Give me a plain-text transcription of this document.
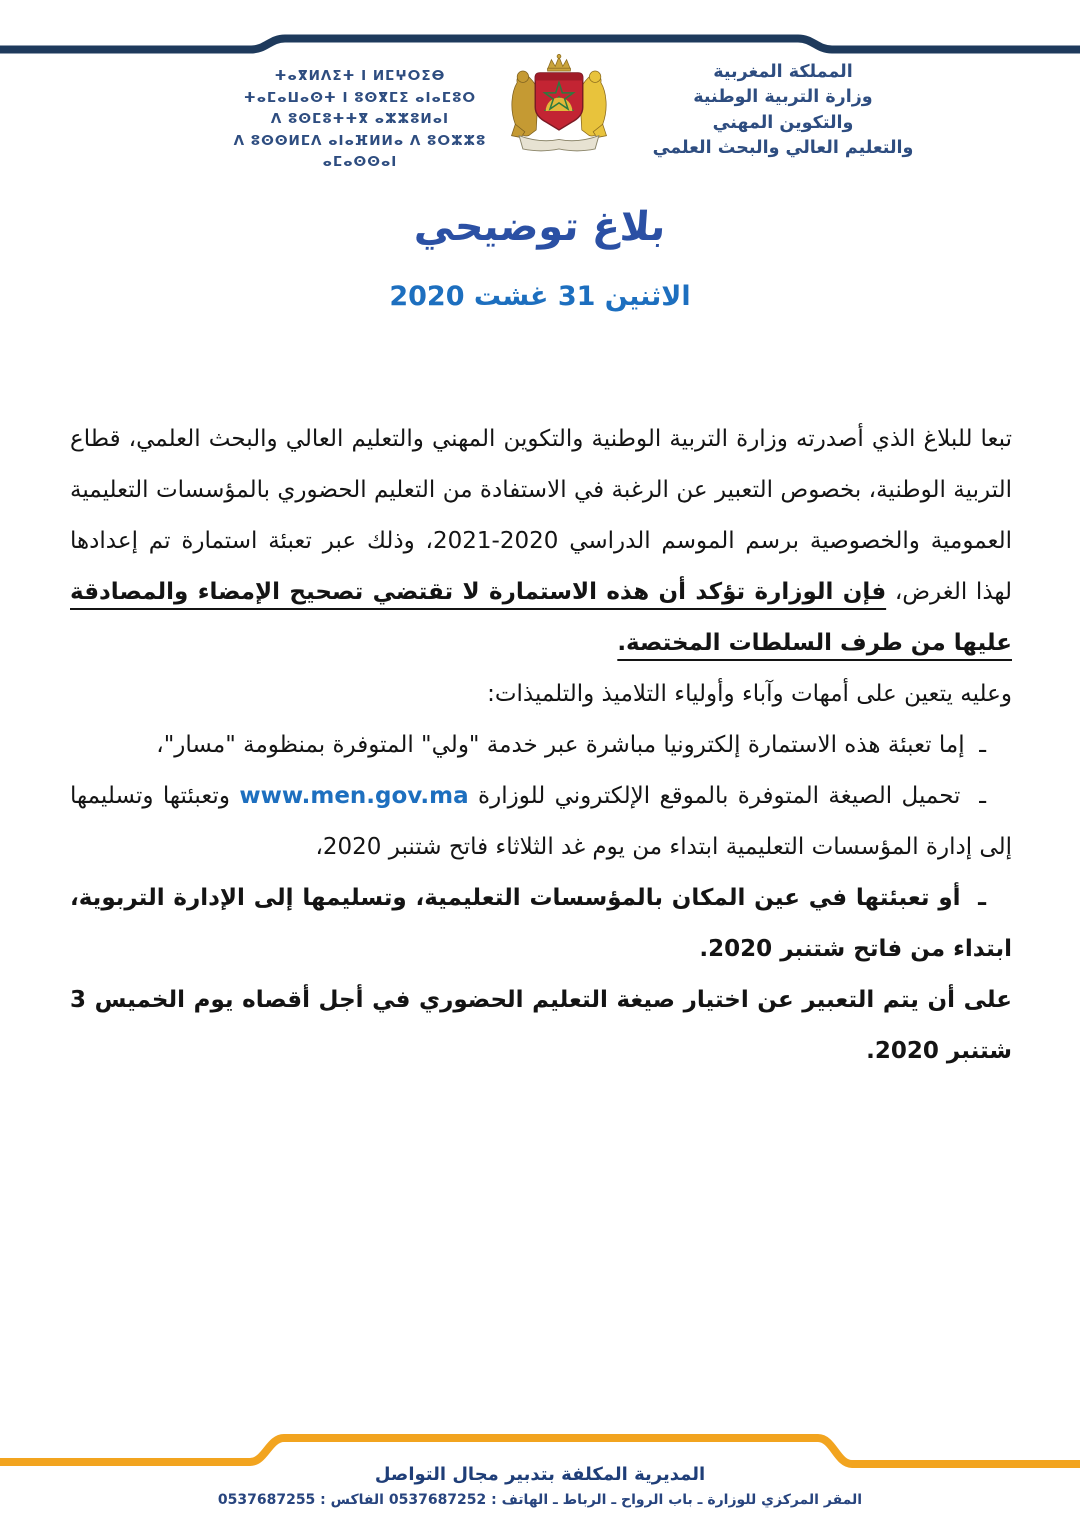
ⵜⴰⴳⵍⴷⵉⵜ ⵏ ⵍⵎⵖⵔⵉⴱ
ⵜⴰⵎⴰⵡⴰⵙⵜ ⵏ ⵓⵙⴳⵎⵉ ⴰⵏⴰⵎⵓⵔ
ⴷ ⵓⵙⵎⵓⵜⵜⴳ ⴰⵣⵣⵓⵍⴰⵏ
ⴷ ⵓⵙⵙⵍⵎⴷ ⴰⵏⴰⴼⵍⵍⴰ ⴷ ⵓⵔⵣⵣⵓ ⴰⵎⴰⵙⵙⴰⵏ
المملكة المغربية
وزارة التربية الوطنية
والتكوين المهني
والتعليم العالي والبحث العلمي
بلاغ توضيحي
الاثنين 31 غشت 2020

تبعا للبلاغ الذي أصدرته وزارة التربية الوطنية والتكوين المهني والتعليم العالي والبحث العلمي، قطاع التربية الوطنية، بخصوص التعبير عن الرغبة في الاستفادة من التعليم الحضوري بالمؤسسات التعليمية العمومية والخصوصية برسم الموسم الدراسي 2020-2021، وذلك عبر تعبئة استمارة تم إعدادها لهذا الغرض، فإن الوزارة تؤكد أن هذه الاستمارة لا تقتضي تصحيح الإمضاء والمصادقة عليها من طرف السلطات المختصة.

وعليه يتعين على أمهات وآباء وأولياء التلاميذ والتلميذات:

ـ  إما تعبئة هذه الاستمارة إلكترونيا مباشرة عبر خدمة "ولي" المتوفرة بمنظومة "مسار"،

ـ  تحميل الصيغة المتوفرة بالموقع الإلكتروني للوزارة www.men.gov.ma وتعبئتها وتسليمها إلى إدارة المؤسسات التعليمية ابتداء من يوم غد الثلاثاء فاتح شتنبر 2020،

ـ  أو تعبئتها في عين المكان بالمؤسسات التعليمية، وتسليمها إلى الإدارة التربوية، ابتداء من فاتح شتنبر 2020.

على أن يتم التعبير عن اختيار صيغة التعليم الحضوري في أجل أقصاه يوم الخميس 3 شتنبر 2020.

المديرية المكلفة بتدبير مجال التواصل
المقر المركزي للوزارة ـ باب الرواح ـ الرباط ـ الهاتف : 0537687252 الفاكس : 0537687255
